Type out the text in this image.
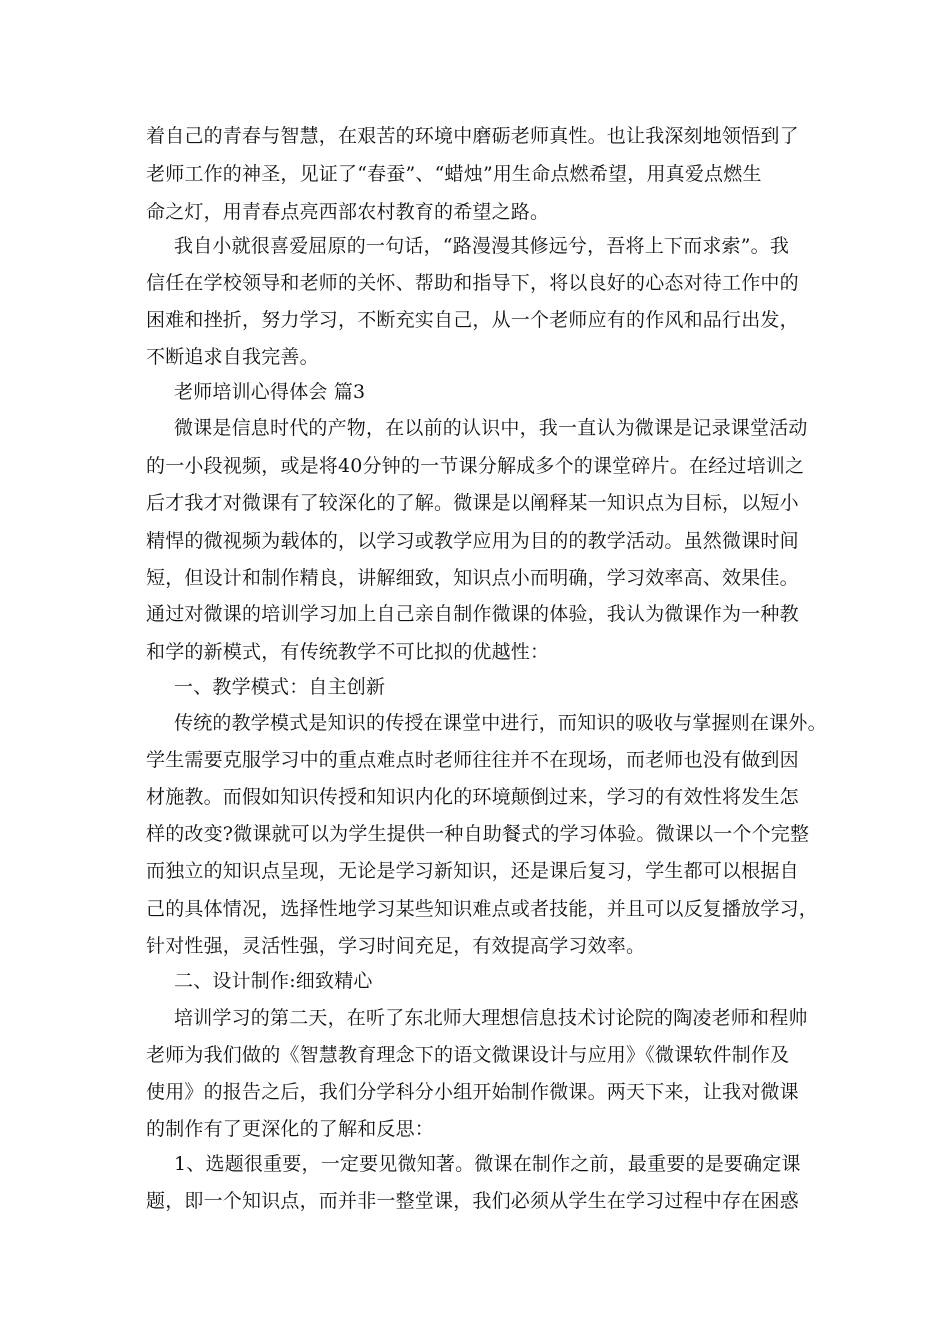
着自己的青春与智慧，在艰苦的环境中磨砺老师真性。也让我深刻地领悟到了
老师工作的神圣，见证了“春蚕”、“蜡烛”用生命点燃希望，用真爱点燃生
命之灯，用青春点亮西部农村教育的希望之路。
我自小就很喜爱屈原的一句话，“路漫漫其修远兮，吾将上下而求索”。我
信任在学校领导和老师的关怀、帮助和指导下，将以良好的心态对待工作中的
困难和挫折，努力学习，不断充实自己，从一个老师应有的作风和品行出发，
不断追求自我完善。
老师培训心得体会 篇3
微课是信息时代的产物，在以前的认识中，我一直认为微课是记录课堂活动
的一小段视频，或是将40分钟的一节课分解成多个的课堂碎片。在经过培训之
后才我才对微课有了较深化的了解。微课是以阐释某一知识点为目标，以短小
精悍的微视频为载体的，以学习或教学应用为目的的教学活动。虽然微课时间
短，但设计和制作精良，讲解细致，知识点小而明确，学习效率高、效果佳。
通过对微课的培训学习加上自己亲自制作微课的体验，我认为微课作为一种教
和学的新模式，有传统教学不可比拟的优越性：
一、教学模式：自主创新
传统的教学模式是知识的传授在课堂中进行，而知识的吸收与掌握则在课外。
学生需要克服学习中的重点难点时老师往往并不在现场，而老师也没有做到因
材施教。而假如知识传授和知识内化的环境颠倒过来，学习的有效性将发生怎
样的改变?微课就可以为学生提供一种自助餐式的学习体验。微课以一个个完整
而独立的知识点呈现，无论是学习新知识，还是课后复习，学生都可以根据自
己的具体情况，选择性地学习某些知识难点或者技能，并且可以反复播放学习，
针对性强，灵活性强，学习时间充足，有效提高学习效率。
二、设计制作:细致精心
培训学习的第二天，在听了东北师大理想信息技术讨论院的陶凌老师和程帅
老师为我们做的《智慧教育理念下的语文微课设计与应用》《微课软件制作及
使用》的报告之后，我们分学科分小组开始制作微课。两天下来，让我对微课
的制作有了更深化的了解和反思：
1、选题很重要，一定要见微知著。微课在制作之前，最重要的是要确定课
题，即一个知识点，而并非一整堂课，我们必须从学生在学习过程中存在困惑
